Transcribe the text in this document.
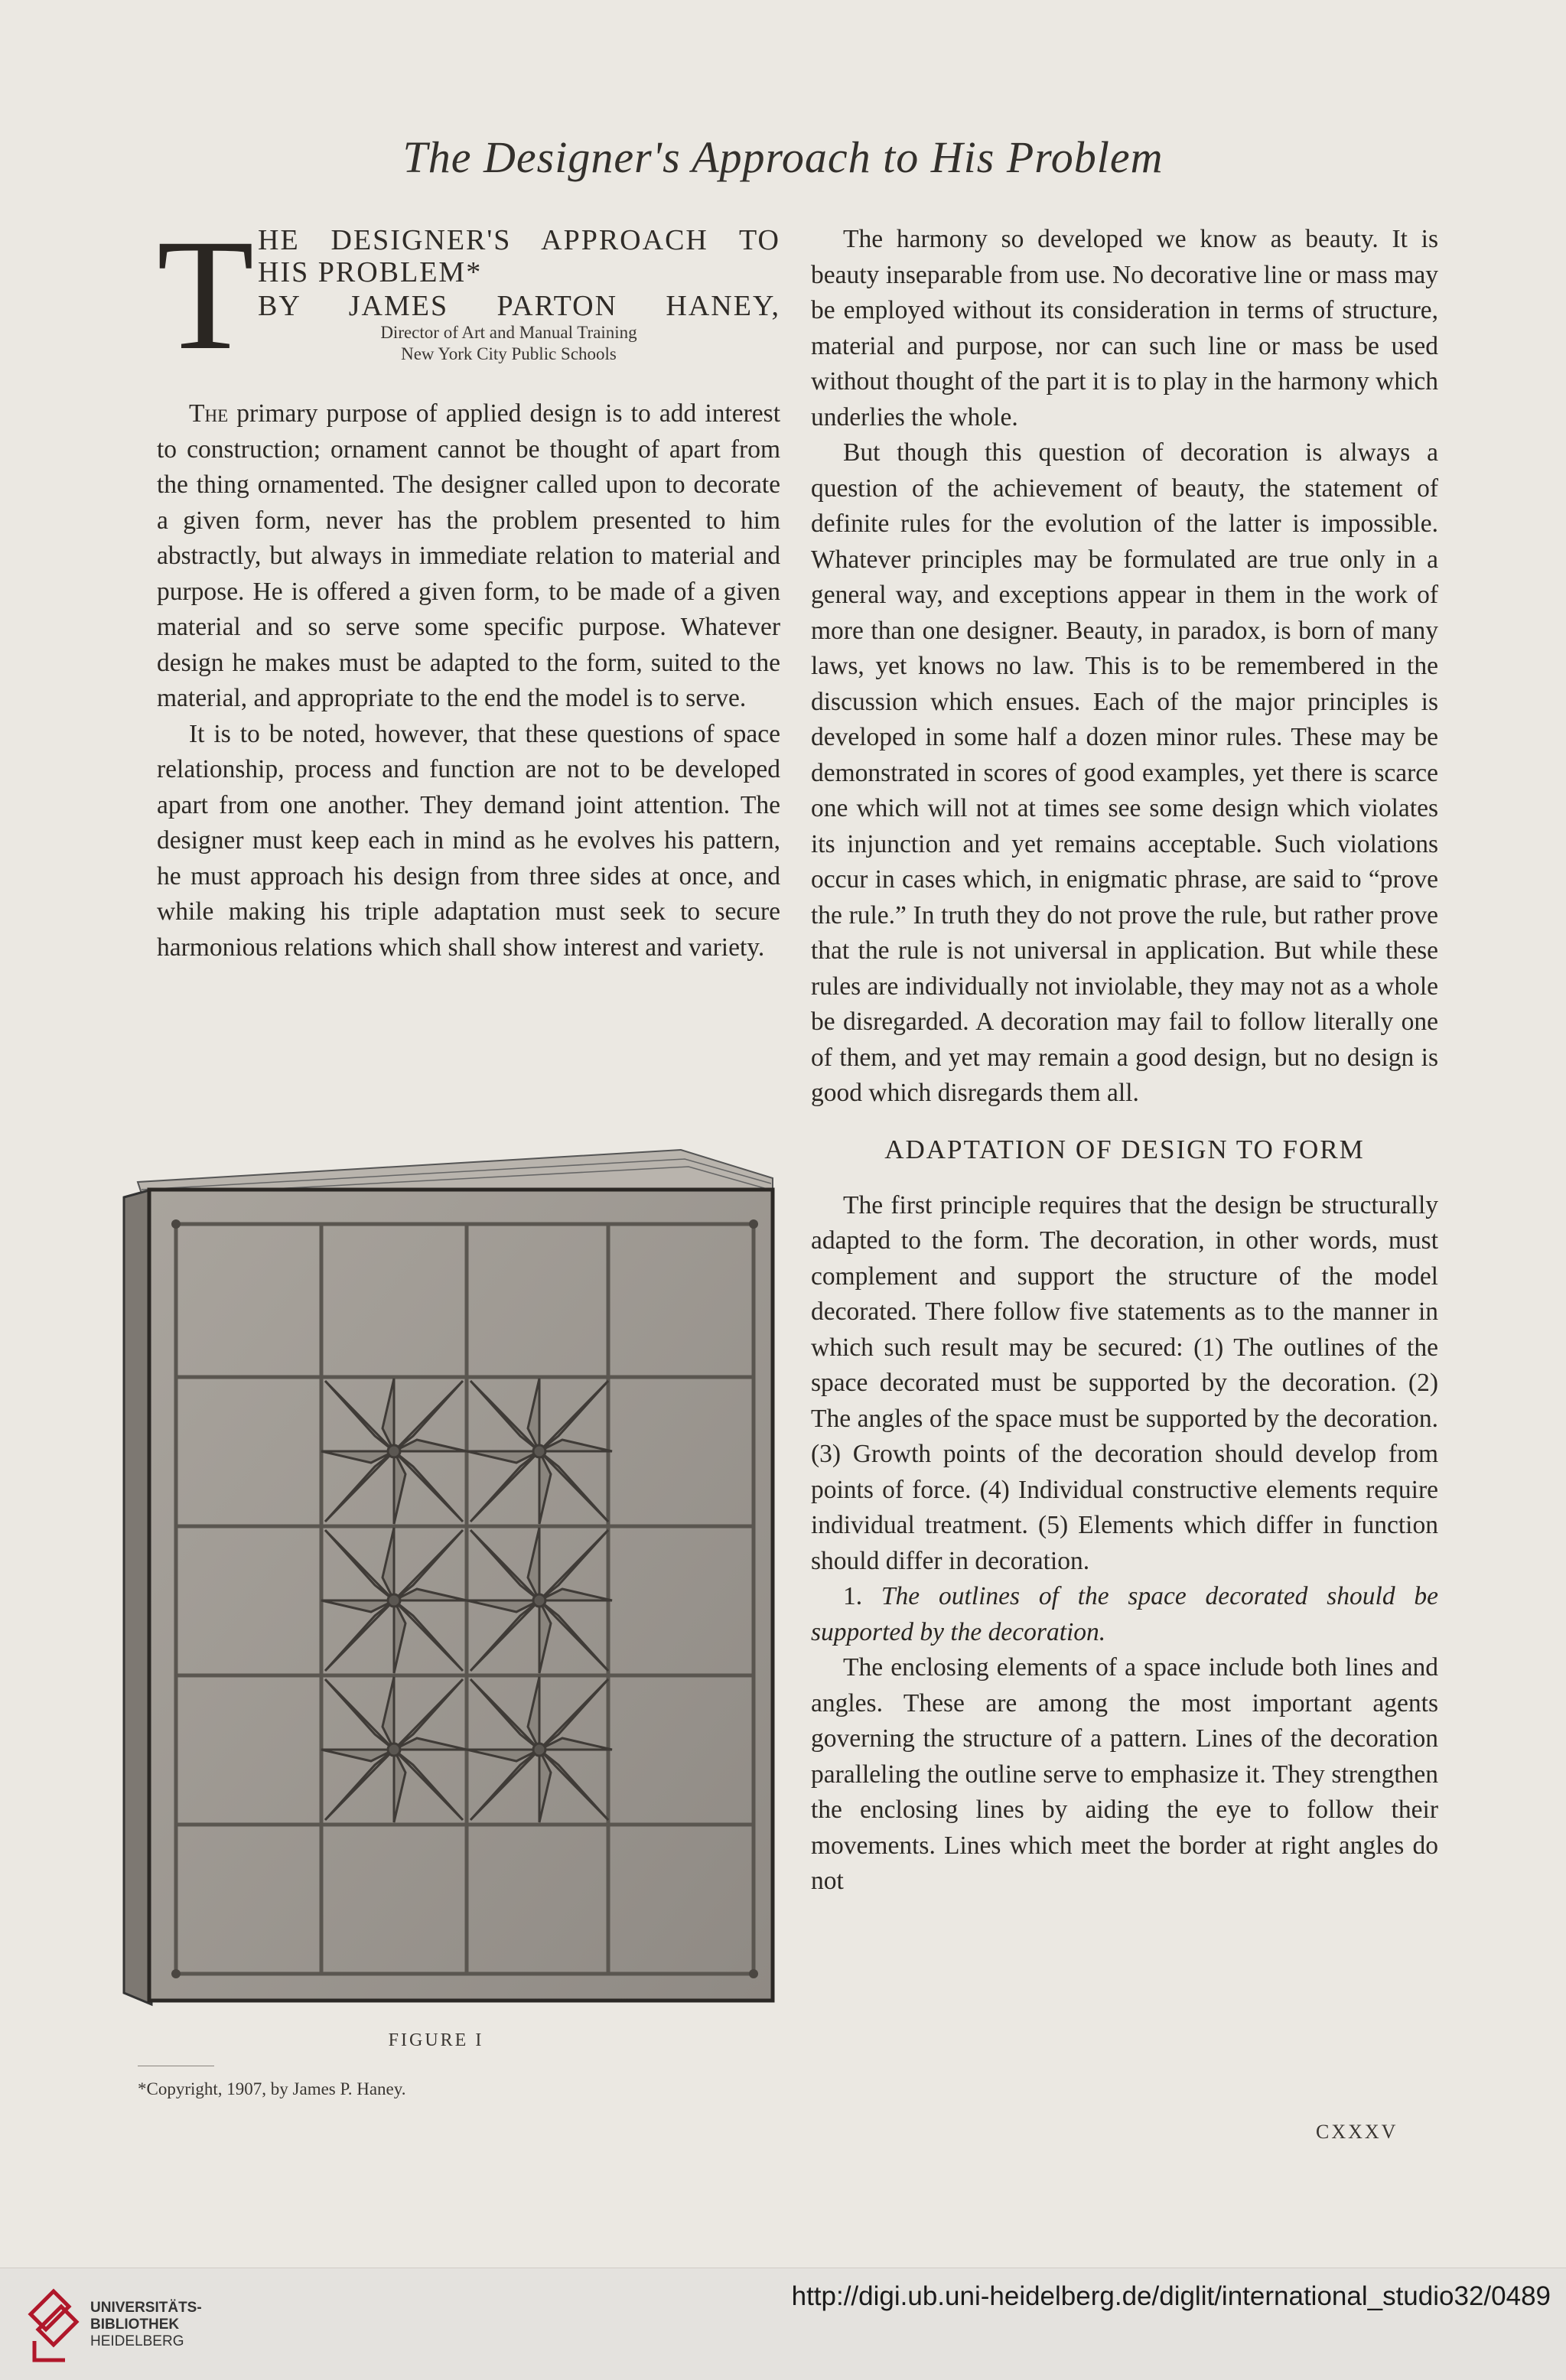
The Designer's Approach to His Problem
T HE DESIGNER'S APPROACH TO
HIS PROBLEM*
BY JAMES PARTON HANEY,
Director of Art and Manual Training
New York City Public Schools

The primary purpose of applied design is to add interest to construction; ornament cannot be thought of apart from the thing ornamented. The designer called upon to decorate a given form, never has the problem presented to him abstractly, but always in immediate relation to material and purpose. He is offered a given form, to be made of a given material and so serve some specific purpose. Whatever design he makes must be adapted to the form, suited to the material, and appropriate to the end the model is to serve.

It is to be noted, however, that these questions of space relationship, process and function are not to be developed apart from one another. They demand joint attention. The designer must keep each in mind as he evolves his pattern, he must approach his design from three sides at once, and while making his triple adaptation must seek to secure harmonious relations which shall show interest and variety.

FIGURE I
*Copyright, 1907, by James P. Haney.

The harmony so developed we know as beauty. It is beauty inseparable from use. No decorative line or mass may be employed without its consideration in terms of structure, material and purpose, nor can such line or mass be used without thought of the part it is to play in the harmony which underlies the whole.

But though this question of decoration is always a question of the achievement of beauty, the statement of definite rules for the evolution of the latter is impossible. Whatever principles may be formulated are true only in a general way, and exceptions appear in them in the work of more than one designer. Beauty, in paradox, is born of many laws, yet knows no law. This is to be remembered in the discussion which ensues. Each of the major principles is developed in some half a dozen minor rules. These may be demonstrated in scores of good examples, yet there is scarce one which will not at times see some design which violates its injunction and yet remains acceptable. Such violations occur in cases which, in enigmatic phrase, are said to “prove the rule.” In truth they do not prove the rule, but rather prove that the rule is not universal in application. But while these rules are individually not inviolable, they may not as a whole be disregarded. A decoration may fail to follow literally one of them, and yet may remain a good design, but no design is good which disregards them all.

ADAPTATION OF DESIGN TO FORM

The first principle requires that the design be structurally adapted to the form. The decoration, in other words, must complement and support the structure of the model decorated. There follow five statements as to the manner in which such result may be secured: (1) The outlines of the space decorated must be supported by the decoration. (2) The angles of the space must be supported by the decoration. (3) Growth points of the decoration should develop from points of force. (4) Individual constructive elements require individual treatment. (5) Elements which differ in function should differ in decoration.

1. The outlines of the space decorated should be supported by the decoration.

The enclosing elements of a space include both lines and angles. These are among the most important agents governing the structure of a pattern. Lines of the decoration paralleling the outline serve to emphasize it. They strengthen the enclosing lines by aiding the eye to follow their movements. Lines which meet the border at right angles do not

CXXXV
UNIVERSITÄTS-
BIBLIOTHEK
HEIDELBERG
http://digi.ub.uni-heidelberg.de/diglit/international_studio32/0489
